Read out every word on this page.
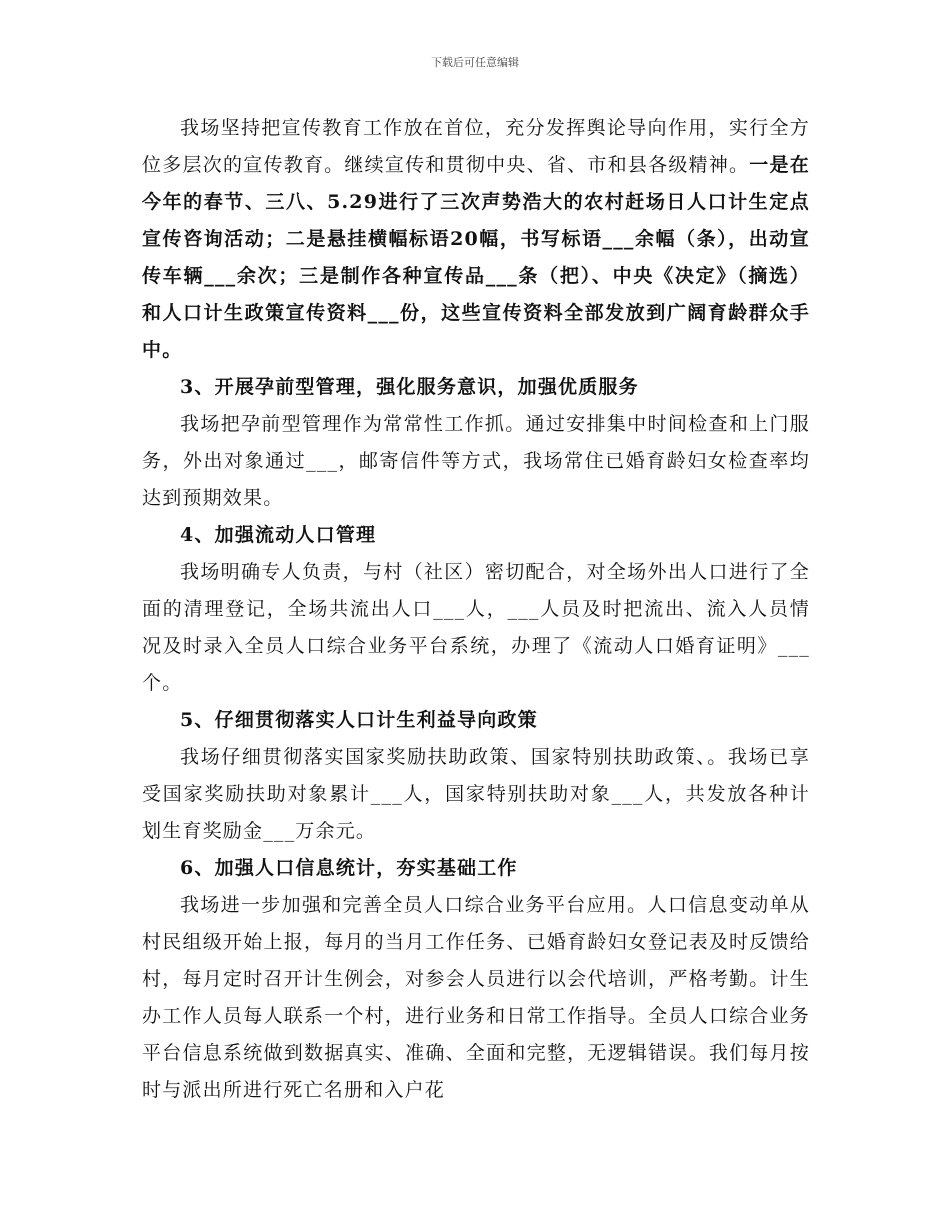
下载后可任意编辑

我场坚持把宣传教育工作放在首位，充分发挥舆论导向作用，实行全方位多层次的宣传教育。继续宣传和贯彻中央、省、市和县各级精神。一是在今年的春节、三八、5.29进行了三次声势浩大的农村赶场日人口计生定点宣传咨询活动；二是悬挂横幅标语20幅，书写标语___余幅（条），出动宣传车辆___余次；三是制作各种宣传品___条（把）、中央《决定》（摘选）和人口计生政策宣传资料___份，这些宣传资料全部发放到广阔育龄群众手中。

3、开展孕前型管理，强化服务意识，加强优质服务

我场把孕前型管理作为常常性工作抓。通过安排集中时间检查和上门服务，外出对象通过___，邮寄信件等方式，我场常住已婚育龄妇女检查率均达到预期效果。

4、加强流动人口管理

我场明确专人负责，与村（社区）密切配合，对全场外出人口进行了全面的清理登记，全场共流出人口___人，___人员及时把流出、流入人员情况及时录入全员人口综合业务平台系统，办理了《流动人口婚育证明》___个。

5、仔细贯彻落实人口计生利益导向政策

我场仔细贯彻落实国家奖励扶助政策、国家特别扶助政策、。我场已享受国家奖励扶助对象累计___人，国家特别扶助对象___人，共发放各种计划生育奖励金___万余元。

6、加强人口信息统计，夯实基础工作

我场进一步加强和完善全员人口综合业务平台应用。人口信息变动单从村民组级开始上报，每月的当月工作任务、已婚育龄妇女登记表及时反馈给村，每月定时召开计生例会，对参会人员进行以会代培训，严格考勤。计生办工作人员每人联系一个村，进行业务和日常工作指导。全员人口综合业务平台信息系统做到数据真实、准确、全面和完整，无逻辑错误。我们每月按时与派出所进行死亡名册和入户花
